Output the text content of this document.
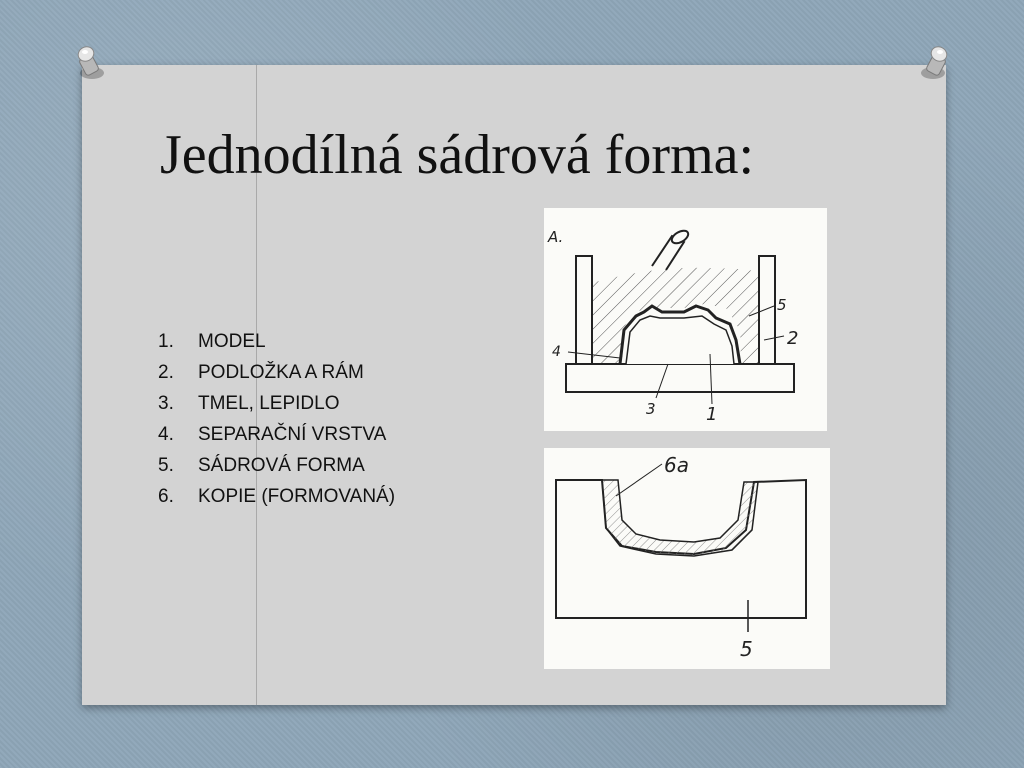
Jednodílná sádrová forma:
1. MODEL
2. PODLOŽKA A RÁM
3. TMEL, LEPIDLO
4. SEPARAČNÍ VRSTVA
5. SÁDROVÁ FORMA
6. KOPIE (FORMOVANÁ)
A.
4
3	1
5
2
6a
5
